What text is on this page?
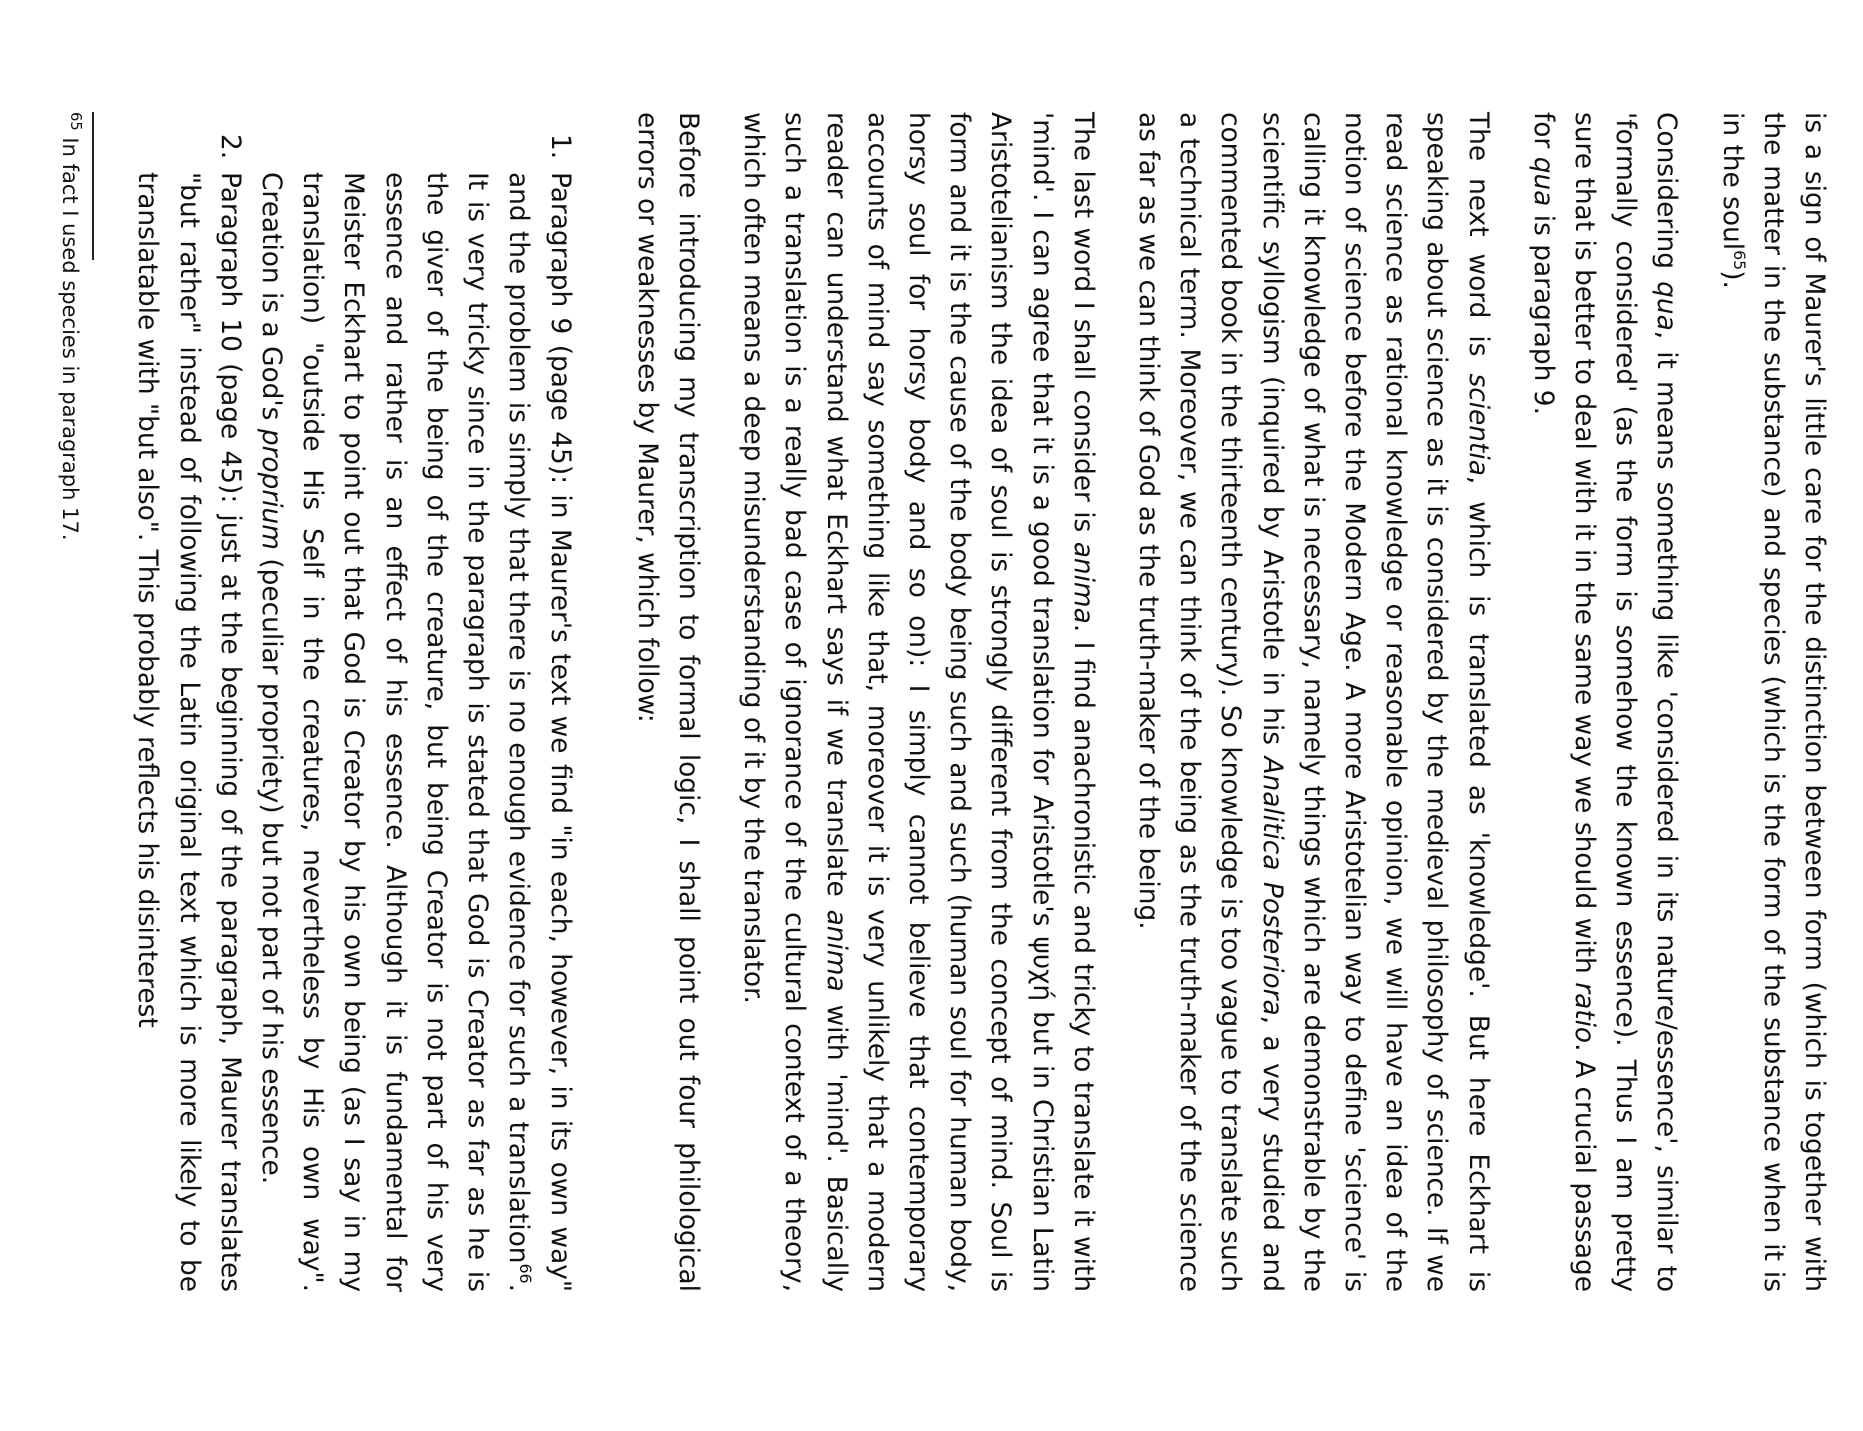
is a sign of Maurer's little care for the distinction between form (which is together with the matter in the substance) and species (which is the form of the substance when it is in the soul$^{65}$).

Considering qua, it means something like 'considered in its nature/essence', similar to 'formally considered' (as the form is somehow the known essence). Thus I am pretty sure that is better to deal with it in the same way we should with ratio. A crucial passage for qua is paragraph 9.

The next word is scientia, which is translated as 'knowledge'. But here Eckhart is speaking about science as it is considered by the medieval philosophy of science. If we read science as rational knowledge or reasonable opinion, we will have an idea of the notion of science before the Modern Age. A more Aristotelian way to define 'science' is calling it knowledge of what is necessary, namely things which are demonstrable by the scientific syllogism (inquired by Aristotle in his Analitica Posteriora, a very studied and commented book in the thirteenth century). So knowledge is too vague to translate such a technical term. Moreover, we can think of the being as the truth-maker of the science as far as we can think of God as the truth-maker of the being.

The last word I shall consider is anima. I find anachronistic and tricky to translate it with 'mind'. I can agree that it is a good translation for Aristotle's ψυχή but in Christian Latin Aristotelianism the idea of soul is strongly different from the concept of mind. Soul is form and it is the cause of the body being such and such (human soul for human body, horsy soul for horsy body and so on): I simply cannot believe that contemporary accounts of mind say something like that, moreover it is very unlikely that a modern reader can understand what Eckhart says if we translate anima with 'mind'. Basically such a translation is a really bad case of ignorance of the cultural context of a theory, which often means a deep misunderstanding of it by the translator.

Before introducing my transcription to formal logic, I shall point out four philological errors or weaknesses by Maurer, which follow:

1.
Paragraph 9 (page 45): in Maurer's text we find "in each, however, in its own way" and the problem is simply that there is no enough evidence for such a translation$^{66}$. It is very tricky since in the paragraph is stated that God is Creator as far as he is the giver of the being of the creature, but being Creator is not part of his very essence and rather is an effect of his essence. Although it is fundamental for Meister Eckhart to point out that God is Creator by his own being (as I say in my translation) "outside His Self in the creatures, nevertheless by His own way". Creation is a God's proprium (peculiar propriety) but not part of his essence.
2.
Paragraph 10 (page 45): just at the beginning of the paragraph, Maurer translates "but rather" instead of following the Latin original text which is more likely to be translatable with "but also". This probably reflects his disinterest
$^{65}$ In fact I used species in paragraph 17.
